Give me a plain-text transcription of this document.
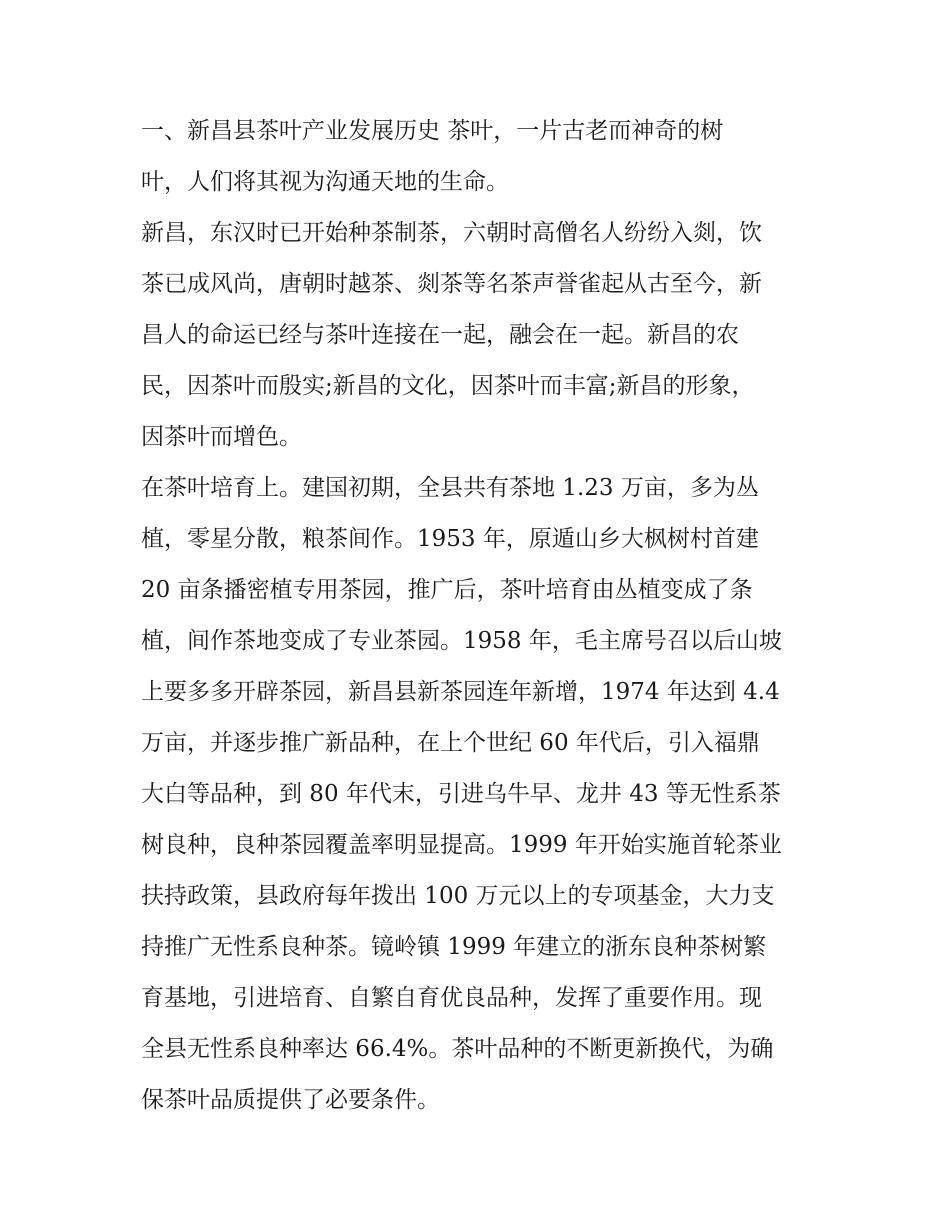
一、新昌县茶叶产业发展历史 茶叶，一片古老而神奇的树
叶，人们将其视为沟通天地的生命。
新昌，东汉时已开始种茶制茶，六朝时高僧名人纷纷入剡，饮
茶已成风尚，唐朝时越茶、剡茶等名茶声誉雀起从古至今，新
昌人的命运已经与茶叶连接在一起，融会在一起。新昌的农
民，因茶叶而殷实;新昌的文化，因茶叶而丰富;新昌的形象，
因茶叶而增色。
在茶叶培育上。建国初期，全县共有茶地 1.23 万亩，多为丛
植，零星分散，粮茶间作。1953 年，原遁山乡大枫树村首建
20 亩条播密植专用茶园，推广后，茶叶培育由丛植变成了条
植，间作茶地变成了专业茶园。1958 年，毛主席号召以后山坡
上要多多开辟茶园，新昌县新茶园连年新增，1974 年达到 4.4
万亩，并逐步推广新品种，在上个世纪 60 年代后，引入福鼎
大白等品种，到 80 年代末，引进乌牛早、龙井 43 等无性系茶
树良种，良种茶园覆盖率明显提高。1999 年开始实施首轮茶业
扶持政策，县政府每年拨出 100 万元以上的专项基金，大力支
持推广无性系良种茶。镜岭镇 1999 年建立的浙东良种茶树繁
育基地，引进培育、自繁自育优良品种，发挥了重要作用。现
全县无性系良种率达 66.4%。茶叶品种的不断更新换代，为确
保茶叶品质提供了必要条件。
